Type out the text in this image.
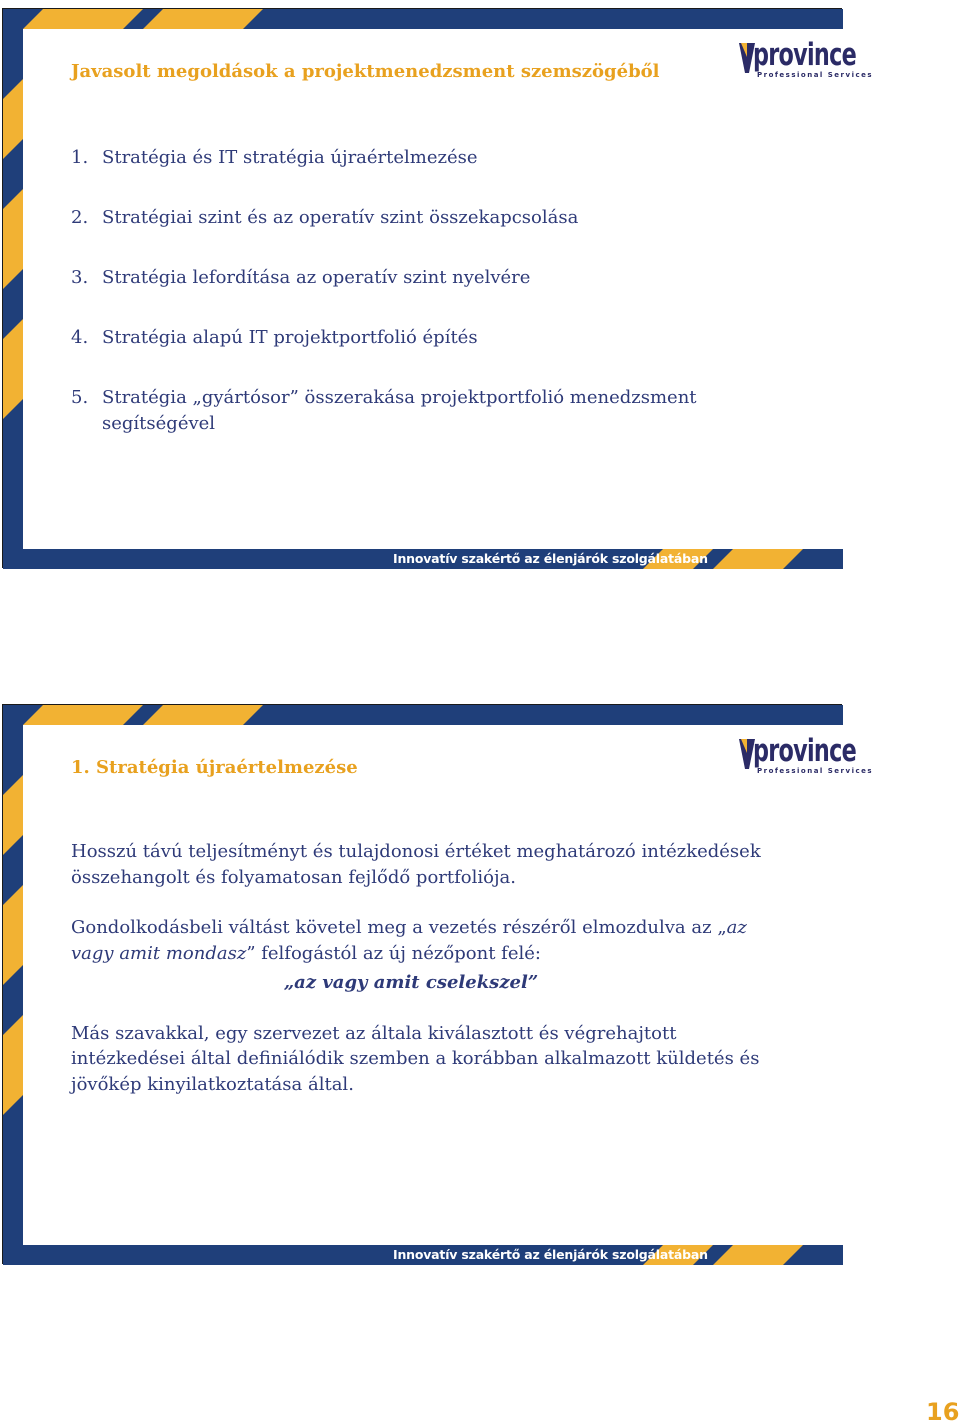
Javasolt megoldások a projektmenedzsment szemszögéből	province
Professional Services
1. Stratégia és IT stratégia újraértelmezése
2. Stratégiai szint és az operatív szint összekapcsolása
3. Stratégia lefordítása az operatív szint nyelvére
4. Stratégia alapú IT projektportfolió építés
5. Stratégia „gyártósor” összerakása projektportfolió menedzsment segítségével
Innovatív szakértő az élenjárók szolgálatában
1. Stratégia újraértelmezése	province
Professional Services

Hosszú távú teljesítményt és tulajdonosi értéket meghatározó intézkedések összehangolt és folyamatosan fejlődő portfoliója.

Gondolkodásbeli váltást követel meg a vezetés részéről elmozdulva az „az vagy amit mondasz” felfogástól az új nézőpont felé:
„az vagy amit cselekszel”

Más szavakkal, egy szervezet az általa kiválasztott és végrehajtott intézkedései által definiálódik szemben a korábban alkalmazott küldetés és jövőkép kinyilatkoztatása által.

Innovatív szakértő az élenjárók szolgálatában
16
